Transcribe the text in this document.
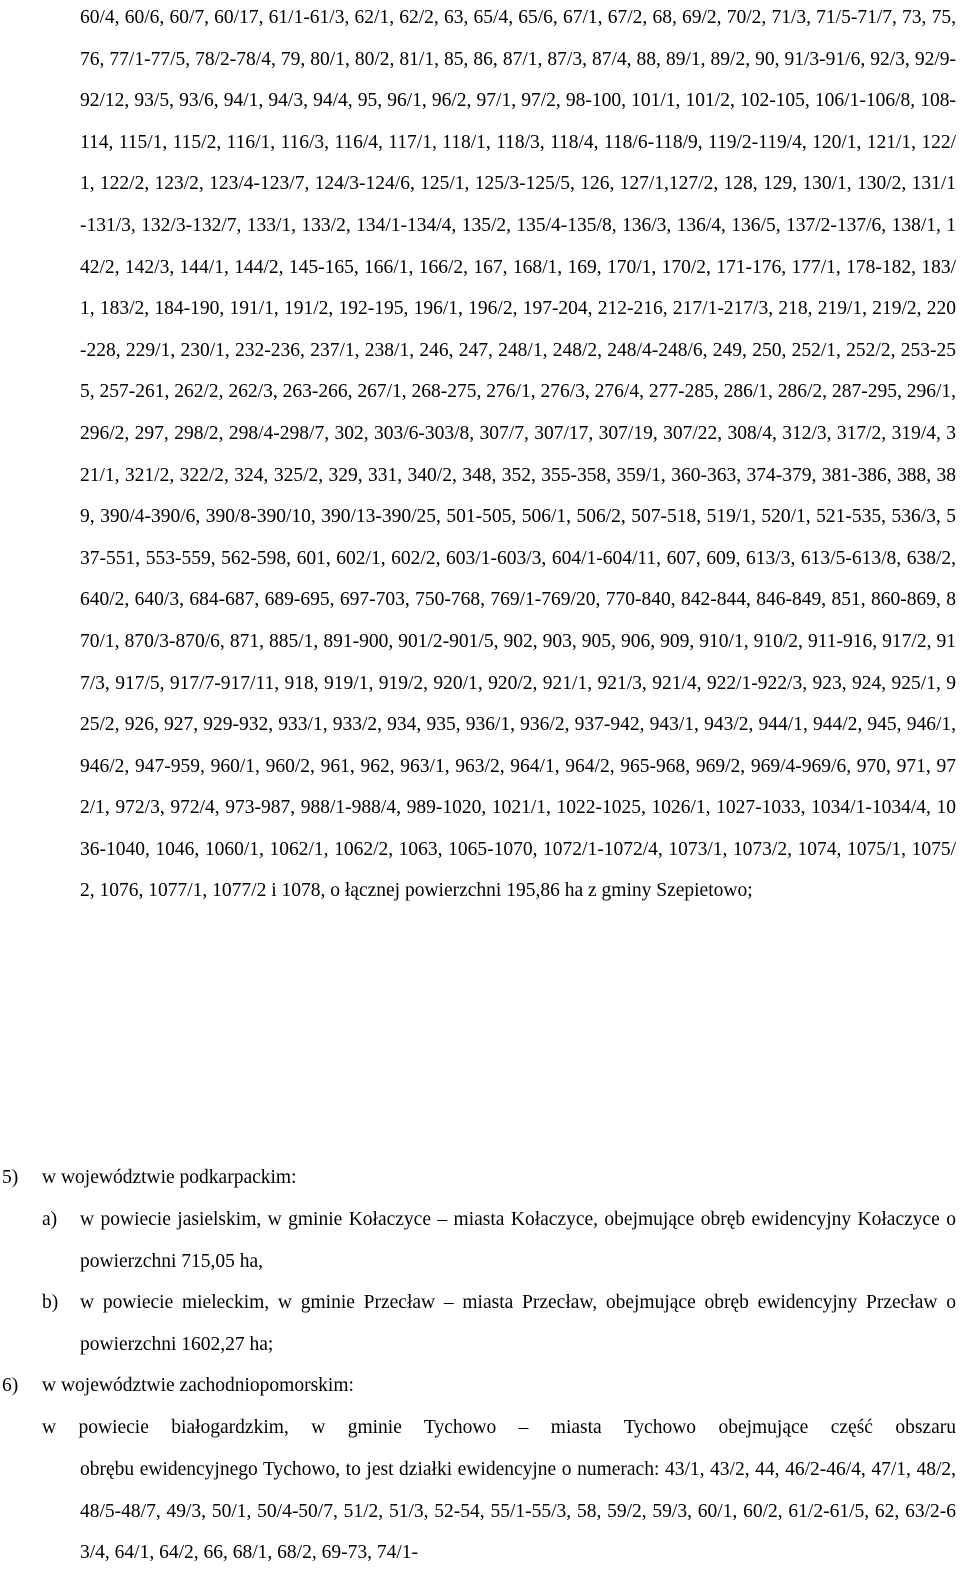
60/4, 60/6, 60/7, 60/17, 61/1-61/3, 62/1, 62/2, 63, 65/4, 65/6, 67/1, 67/2, 68, 69/2, 70/2, 71/3, 71/5-71/7, 73, 75, 76, 77/1-77/5, 78/2-78/4, 79, 80/1, 80/2, 81/1, 85, 86, 87/1, 87/3, 87/4, 88, 89/1, 89/2, 90, 91/3-91/6, 92/3, 92/9-92/12, 93/5, 93/6, 94/1, 94/3, 94/4, 95, 96/1, 96/2, 97/1, 97/2, 98-100, 101/1, 101/2, 102-105, 106/1-106/8, 108-114, 115/1, 115/2, 116/1, 116/3, 116/4, 117/1, 118/1, 118/3, 118/4, 118/6-118/9, 119/2-119/4, 120/1, 121/1, 122/1, 122/2, 123/2, 123/4-123/7, 124/3-124/6, 125/1, 125/3-125/5, 126, 127/1,127/2, 128, 129, 130/1, 130/2, 131/1-131/3, 132/3-132/7, 133/1, 133/2, 134/1-134/4, 135/2, 135/4-135/8, 136/3, 136/4, 136/5, 137/2-137/6, 138/1, 142/2, 142/3, 144/1, 144/2, 145-165, 166/1, 166/2, 167, 168/1, 169, 170/1, 170/2, 171-176, 177/1, 178-182, 183/1, 183/2, 184-190, 191/1, 191/2, 192-195, 196/1, 196/2, 197-204, 212-216, 217/1-217/3, 218, 219/1, 219/2, 220-228, 229/1, 230/1, 232-236, 237/1, 238/1, 246, 247, 248/1, 248/2, 248/4-248/6, 249, 250, 252/1, 252/2, 253-255, 257-261, 262/2, 262/3, 263-266, 267/1, 268-275, 276/1, 276/3, 276/4, 277-285, 286/1, 286/2, 287-295, 296/1, 296/2, 297, 298/2, 298/4-298/7, 302, 303/6-303/8, 307/7, 307/17, 307/19, 307/22, 308/4, 312/3, 317/2, 319/4, 321/1, 321/2, 322/2, 324, 325/2, 329, 331, 340/2, 348, 352, 355-358, 359/1, 360-363, 374-379, 381-386, 388, 389, 390/4-390/6, 390/8-390/10, 390/13-390/25, 501-505, 506/1, 506/2, 507-518, 519/1, 520/1, 521-535, 536/3, 537-551, 553-559, 562-598, 601, 602/1, 602/2, 603/1-603/3, 604/1-604/11, 607, 609, 613/3, 613/5-613/8, 638/2, 640/2, 640/3, 684-687, 689-695, 697-703, 750-768, 769/1-769/20, 770-840, 842-844, 846-849, 851, 860-869, 870/1, 870/3-870/6, 871, 885/1, 891-900, 901/2-901/5, 902, 903, 905, 906, 909, 910/1, 910/2, 911-916, 917/2, 917/3, 917/5, 917/7-917/11, 918, 919/1, 919/2, 920/1, 920/2, 921/1, 921/3, 921/4, 922/1-922/3, 923, 924, 925/1, 925/2, 926, 927, 929-932, 933/1, 933/2, 934, 935, 936/1, 936/2, 937-942, 943/1, 943/2, 944/1, 944/2, 945, 946/1, 946/2, 947-959, 960/1, 960/2, 961, 962, 963/1, 963/2, 964/1, 964/2, 965-968, 969/2, 969/4-969/6, 970, 971, 972/1, 972/3, 972/4, 973-987, 988/1-988/4, 989-1020, 1021/1, 1022-1025, 1026/1, 1027-1033, 1034/1-1034/4, 1036-1040, 1046, 1060/1, 1062/1, 1062/2, 1063, 1065-1070, 1072/1-1072/4, 1073/1, 1073/2, 1074, 1075/1, 1075/2, 1076, 1077/1, 1077/2 i 1078, o łącznej powierzchni 195,86 ha z gminy Szepietowo;
5) w województwie podkarpackim:
a) w powiecie jasielskim, w gminie Kołaczyce – miasta Kołaczyce, obejmujące obręb ewidencyjny Kołaczyce o powierzchni 715,05 ha,
b) w powiecie mieleckim, w gminie Przecław – miasta Przecław, obejmujące obręb ewidencyjny Przecław o powierzchni 1602,27 ha;
6) w województwie zachodniopomorskim:
w powiecie białogardzkim, w gminie Tychowo – miasta Tychowo obejmujące część obszaru
obrębu ewidencyjnego Tychowo, to jest działki ewidencyjne o numerach: 43/1, 43/2, 44, 46/2-46/4, 47/1, 48/2, 48/5-48/7, 49/3, 50/1, 50/4-50/7, 51/2, 51/3, 52-54, 55/1-55/3, 58, 59/2, 59/3, 60/1, 60/2, 61/2-61/5, 62, 63/2-63/4, 64/1, 64/2, 66, 68/1, 68/2, 69-73, 74/1-
